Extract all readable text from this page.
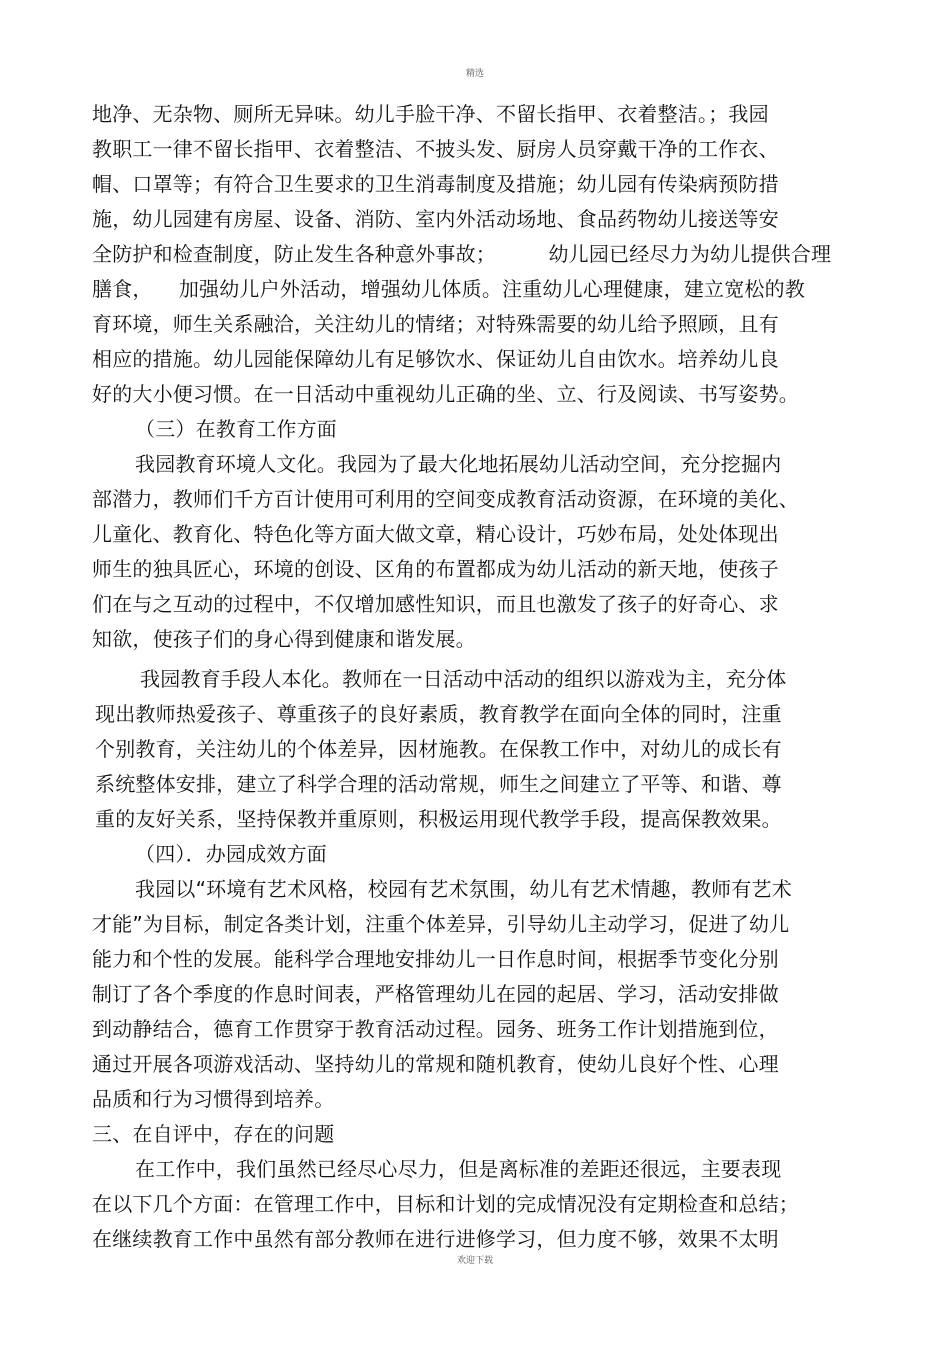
精选
地净、无杂物、厕所无异味。幼儿手脸干净、不留长指甲、衣着整洁。；我园
教职工一律不留长指甲、衣着整洁、不披头发、厨房人员穿戴干净的工作衣、
帽、口罩等；有符合卫生要求的卫生消毒制度及措施；幼儿园有传染病预防措
施，幼儿园建有房屋、设备、消防、室内外活动场地、食品药物幼儿接送等安
全防护和检查制度，防止发生各种意外事故；        幼儿园已经尽力为幼儿提供合理
膳食，    加强幼儿户外活动，增强幼儿体质。注重幼儿心理健康，建立宽松的教
育环境，师生关系融洽，关注幼儿的情绪；对特殊需要的幼儿给予照顾，且有
相应的措施。幼儿园能保障幼儿有足够饮水、保证幼儿自由饮水。培养幼儿良
好的大小便习惯。在一日活动中重视幼儿正确的坐、立、行及阅读、书写姿势。
（三）在教育工作方面
我园教育环境人文化。我园为了最大化地拓展幼儿活动空间，充分挖掘内
部潜力，教师们千方百计使用可利用的空间变成教育活动资源，在环境的美化、
儿童化、教育化、特色化等方面大做文章，精心设计，巧妙布局，处处体现出
师生的独具匠心，环境的创设、区角的布置都成为幼儿活动的新天地，使孩子
们在与之互动的过程中，不仅增加感性知识，而且也激发了孩子的好奇心、求
知欲，使孩子们的身心得到健康和谐发展。
我园教育手段人本化。教师在一日活动中活动的组织以游戏为主，充分体
现出教师热爱孩子、尊重孩子的良好素质，教育教学在面向全体的同时，注重
个别教育，关注幼儿的个体差异，因材施教。在保教工作中，对幼儿的成长有
系统整体安排，建立了科学合理的活动常规，师生之间建立了平等、和谐、尊
重的友好关系，坚持保教并重原则，积极运用现代教学手段，提高保教效果。
（四）．办园成效方面
我园以“环境有艺术风格，校园有艺术氛围，幼儿有艺术情趣，教师有艺术
才能”为目标，制定各类计划，注重个体差异，引导幼儿主动学习，促进了幼儿
能力和个性的发展。能科学合理地安排幼儿一日作息时间，根据季节变化分别
制订了各个季度的作息时间表，严格管理幼儿在园的起居、学习，活动安排做
到动静结合，德育工作贯穿于教育活动过程。园务、班务工作计划措施到位，
通过开展各项游戏活动、坚持幼儿的常规和随机教育，使幼儿良好个性、心理
品质和行为习惯得到培养。
三、在自评中，存在的问题
在工作中，我们虽然已经尽心尽力，但是离标准的差距还很远，主要表现
在以下几个方面：在管理工作中，目标和计划的完成情况没有定期检查和总结；
在继续教育工作中虽然有部分教师在进行进修学习，但力度不够，效果不太明
欢迎下载
